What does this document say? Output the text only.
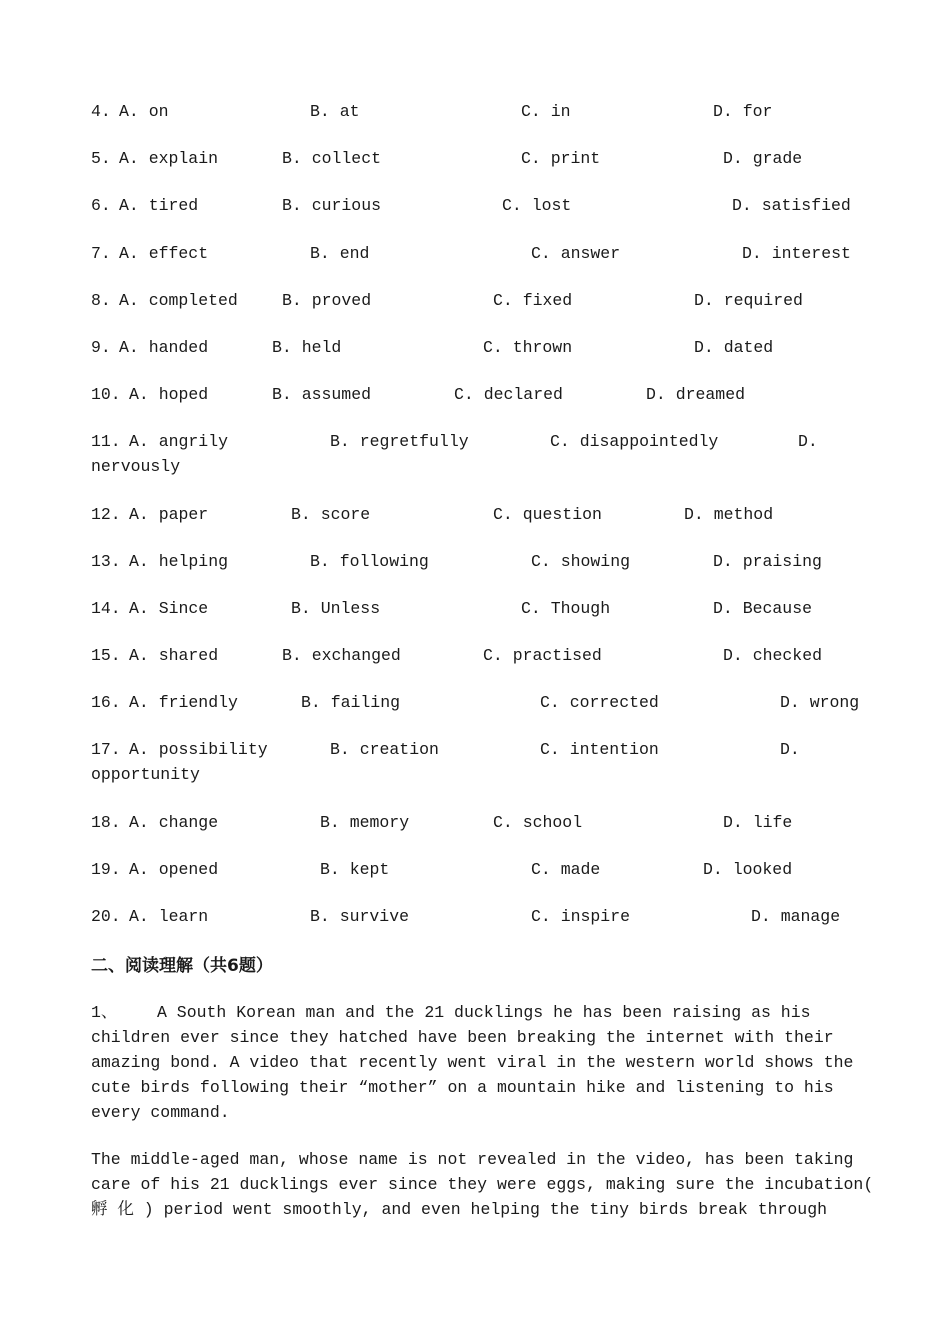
4. A. on	B. at	C. in	D. for
5. A. explain	B. collect	C. print	D. grade
6. A. tired	B. curious	C. lost	D. satisfied
7. A. effect	B. end	C. answer	D. interest
8. A. completed	B. proved	C. fixed	D. required
9. A. handed	B. held	C. thrown	D. dated
10. A. hoped	B. assumed	C. declared	D. dreamed
11. A. angrily	B. regretfully	C. disappointedly	D.
nervously
12. A. paper	B. score	C. question	D. method
13. A. helping	B. following	C. showing	D. praising
14. A. Since	B. Unless	C. Though	D. Because
15. A. shared	B. exchanged	C. practised	D. checked
16. A. friendly	B. failing	C. corrected	D. wrong
17. A. possibility	B. creation	C. intention	D.
opportunity
18. A. change	B. memory	C. school	D. life
19. A. opened	B. kept	C. made	D. looked
20. A. learn	B. survive	C. inspire	D. manage
二、阅读理解（共6题）
1、    A South Korean man and the 21 ducklings he has been raising as his
children ever since they hatched have been breaking the internet with their
amazing bond. A video that recently went viral in the western world shows the
cute birds following their “mother” on a mountain hike and listening to his
every command.
The middle-aged man, whose name is not revealed in the video, has been taking
care of his 21 ducklings ever since they were eggs, making sure the incubation(
孵 化 ) period went smoothly, and even helping the tiny birds break through
